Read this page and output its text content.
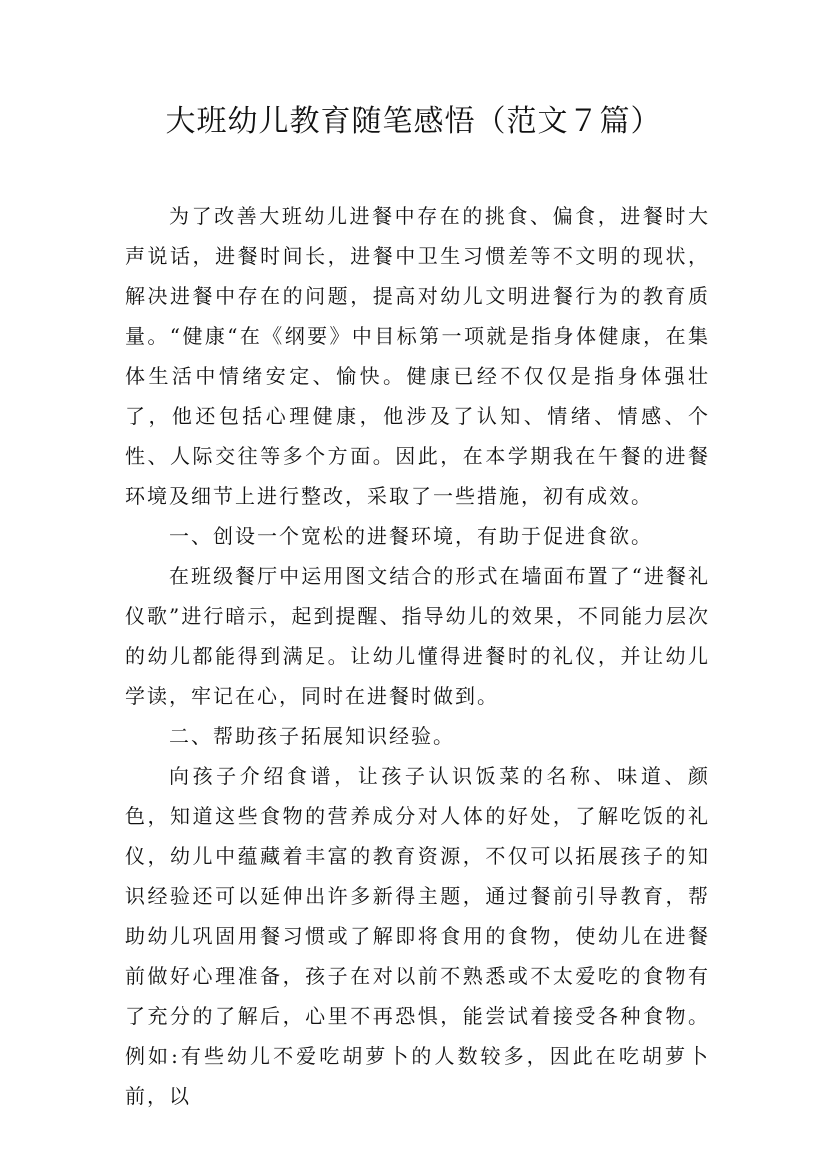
大班幼儿教育随笔感悟（范文７篇）

为了改善大班幼儿进餐中存在的挑食、偏食，进餐时大声说话，进餐时间长，进餐中卫生习惯差等不文明的现状，解决进餐中存在的问题，提高对幼儿文明进餐行为的教育质量。“健康“在《纲要》中目标第一项就是指身体健康，在集体生活中情绪安定、愉快。健康已经不仅仅是指身体强壮了，他还包括心理健康，他涉及了认知、情绪、情感、个性、人际交往等多个方面。因此，在本学期我在午餐的进餐环境及细节上进行整改，采取了一些措施，初有成效。

一、创设一个宽松的进餐环境，有助于促进食欲。

在班级餐厅中运用图文结合的形式在墙面布置了“进餐礼仪歌”进行暗示，起到提醒、指导幼儿的效果，不同能力层次的幼儿都能得到满足。让幼儿懂得进餐时的礼仪，并让幼儿学读，牢记在心，同时在进餐时做到。

二、帮助孩子拓展知识经验。

向孩子介绍食谱，让孩子认识饭菜的名称、味道、颜色，知道这些食物的营养成分对人体的好处，了解吃饭的礼仪，幼儿中蕴藏着丰富的教育资源，不仅可以拓展孩子的知识经验还可以延伸出许多新得主题，通过餐前引导教育，帮助幼儿巩固用餐习惯或了解即将食用的食物，使幼儿在进餐前做好心理准备，孩子在对以前不熟悉或不太爱吃的食物有了充分的了解后，心里不再恐惧，能尝试着接受各种食物。例如:有些幼儿不爱吃胡萝卜的人数较多，因此在吃胡萝卜前，以
